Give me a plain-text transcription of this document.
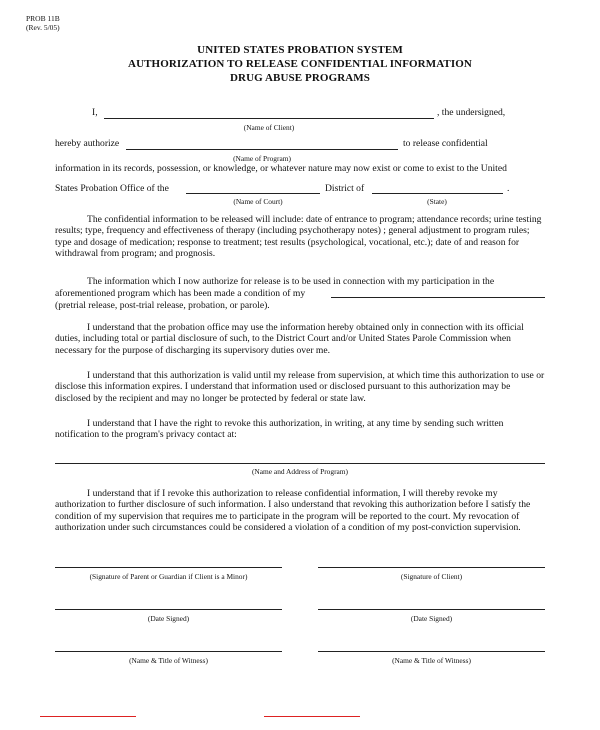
PROB 11B
(Rev. 5/05)
UNITED STATES PROBATION SYSTEM
AUTHORIZATION TO RELEASE CONFIDENTIAL INFORMATION
DRUG ABUSE PROGRAMS
I,	, the undersigned,
(Name of Client)
hereby authorize	to release confidential
(Name of Program)
information in its records, possession, or knowledge, or whatever nature may now exist or come to exist to the United
States Probation Office of the	District of	.
(Name of Court)	(State)

The confidential information to be released will include: date of entrance to program; attendance records; urine testing results; type, frequency and effectiveness of therapy (including psychotherapy notes) ; general adjustment to program rules; type and dosage of medication; response to treatment; test results (psychological, vocational, etc.); date of and reason for withdrawal from program; and prognosis.

The information which I now authorize for release is to be used in connection with my participation in the
aforementioned program which has been made a condition of my
(pretrial release, post-trial release, probation, or parole).

I understand that the probation office may use the information hereby obtained only in connection with its official duties, including total or partial disclosure of such, to the District Court and/or United States Parole Commission when necessary for the purpose of discharging its supervisory duties over me.

I understand that this authorization is valid until my release from supervision, at which time this authorization to use or disclose this information expires. I understand that information used or disclosed pursuant to this authorization may be disclosed by the recipient and may no longer be protected by federal or state law.

I understand that I have the right to revoke this authorization, in writing, at any time by sending such written notification to the program's privacy contact at:

(Name and Address of Program)

I understand that if I revoke this authorization to release confidential information, I will thereby revoke my authorization to further disclosure of such information. I also understand that revoking this authorization before I satisfy the condition of my supervision that requires me to participate in the program will be reported to the court. My revocation of authorization under such circumstances could be considered a violation of a condition of my post-conviction supervision.

(Signature of Parent or Guardian if Client is a Minor)	(Signature of Client)
(Date Signed)	(Date Signed)
(Name & Title of Witness)	(Name & Title of Witness)
